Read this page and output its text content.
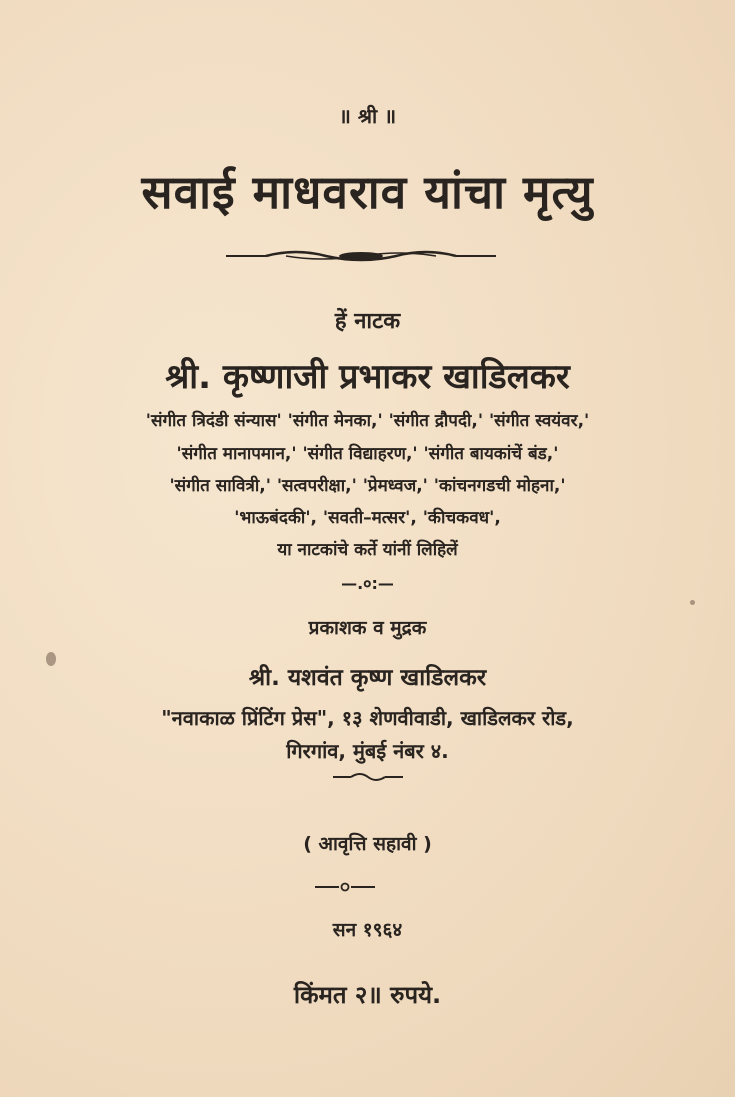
॥ श्री ॥
सवाई माधवराव यांचा मृत्यु
हें नाटक
श्री. कृष्णाजी प्रभाकर खाडिलकर
'संगीत त्रिदंडी संन्यास' 'संगीत मेनका,' 'संगीत द्रौपदी,' 'संगीत स्वयंवर,'
'संगीत मानापमान,' 'संगीत विद्याहरण,' 'संगीत बायकांचें बंड,'
'संगीत सावित्री,' 'सत्वपरीक्षा,' 'प्रेमध्वज,' 'कांचनगडची मोहना,'
'भाऊबंदकी', 'सवती–मत्सर', 'कीचकवध',
या नाटकांचे कर्ते यांनीं लिहिलें
—.०:—
प्रकाशक व मुद्रक
श्री. यशवंत कृष्ण खाडिलकर
"नवाकाळ प्रिंटिंग प्रेस", १३ शेणवीवाडी, खाडिलकर रोड,
गिरगांव, मुंबई नंबर ४.
( आवृत्ति सहावी )
सन १९६४
किंमत २॥ रुपये.
